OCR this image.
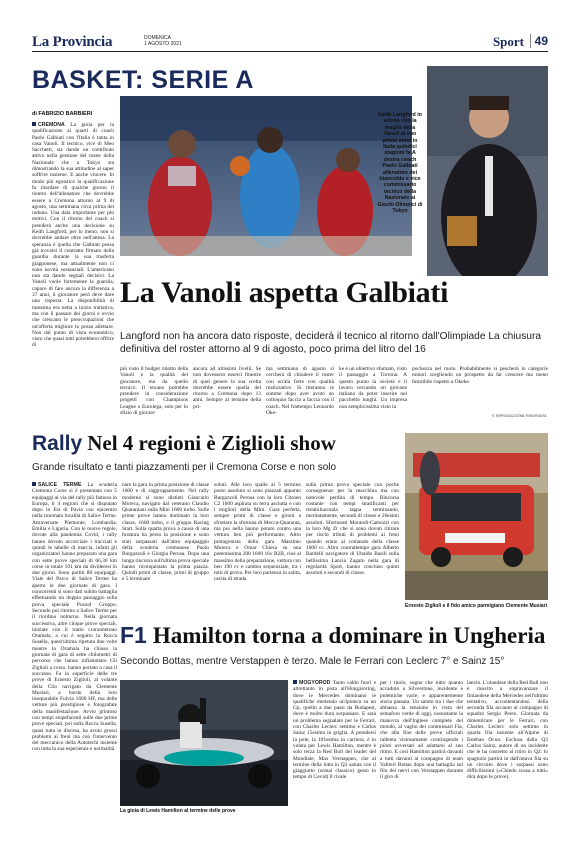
La Provincia	DOMENICA
1 AGOSTO 2021	Sport 49
BASKET: SERIE A
di FABRIZIO BARBIERI
CREMONA La gioia per la qualificazione ai quarti di coach Paolo Galbiati con l'Italia è tanta in casa Vanoli. Il tecnico, vice di Meo Sacchetti, sta dando un contributo attivo nella gestione del roster della Nazionale che a Tokyo sta dimostrando la sua attitudine al saper soffrire insieme. E anche vincere. In modo più egoistico la qualificazione fa ritardare di qualche giorno il rientro dell'allenatore che dovrebbe essere a Cremona attorno al 9 di agosto, una settimana circa prima del raduno. Una data importante per più motivi. Con il ritorno del coach si prenderà anche una decisione su Keith Langford, per lo meno, non si dovrebbe andare oltre nell'attesa. La speranza è quella che Galbiati possa già trovarsi il contratto firmato della guardia durante la sua trasferta giapponese, ma attualmente non ci sono novità sostanziali. L'americano non sta dando segnali decisivi. La Vanoli vuole fortemente la guardia, capace di fare ancora la differenza a 37 anni, il giocatore però deve dare una risposta. La disponibilità di massima era netta a inizio trattativa, ma con il passare dei giorni e ovvio che crescano le preoccupazioni che un'offerta migliore lo possa allettare. Non dal punto di vista economico, visto che quasi tutti potrebbero offrire di
Keith Langford in azione con la maglia della Vanoli al suo primo anno in Italia quindici stagioni fa A destra coach Paolo Galbiati allenatore dei biancoblu e vice commissario tecnico della Nazionale ai Giochi Olimpici di Tokyo
La Vanoli aspetta Galbiati
Langford non ha ancora dato risposte, deciderà il tecnico al ritorno dall'Olimpiade La chiusura definitiva del roster attorno al 9 di agosto, poco prima del litro del 16
più visto il budget ridotto della Vanoli e la qualità del giocatore, ma da quello tecnico. Il texano potrebbe prendere in considerazione progetti con Champions League o Eurolega, solo per lo sfizio di giocare
ancora ad altissimi livelli. Se non dovessero esserci finestre di quel genere la sua scelta dovrebbe essere quella del ritorno a Cremona dopo 13 anni. Sempre al termine della pri-
ma settimana di agosto si cercherà di chiudere il roster con un'ala forte con qualità realizzative. Si tireranno le somme dopo aver avuto un colloquio faccia a faccia con il coach. Nel frattempo Leonardo Oke-
ke è un obiettivo sfumato, visto il passaggio a Torrona. A questo punto la società e il lavoro cercando un giovane italiano da poter inserire nel pacchetto lunghi. Un impresa non semplicissima visto la
pochezza nel ruolo. Probabilmente si pescherà in categorie minori scegliendo un prospetto da far crescere ma meno futuribile rispetto a Okeke.
© RIPRODUZIONE RISERVATA
Rally Nel 4 regioni è Ziglioli show
Grande risultato e tanti piazzamenti per il Cremona Corse e non solo
SALICE TERME La scuderia Cremona Corse si è presentata con 5 equipaggi al via del rally più famoso in Europa, il 4 regioni che si disputato dopo in Est di Pavia con epicentro nella rinomata località di Salice Terme. Attraversate Piemonte, Lombardia, Emilia e Liguria. Con le nuove regole, dovute alla pandemia Covid, i rally hanno dovuto accorciare i tracciati e quindi le tabelle di marcia, infatti gli organizzatori hanno preparato una gara con sette prove speciali di 66,36 km corse in totale 101 km da divideresi in due giorni. Sono partiti 80 equipaggi. Viale del Parco di Salice Terme ha aperto le due giornate di gara. I concorrenti si sono dati subito battaglia effettuando un doppio passaggio sulla prova speciale Pozzol Groppo. Secondo poi ritorno a Salice Terme per il riordino notturno. Nella giornata successiva, altre cinque prove speciali, iniziate con il tratto cronometrato Oramala, a cui è seguito la Rocca Susella, quest'ultima ripetuta due volte mentre la Oramala ha chiuso la giornata di gara di sette chilometri di percorso che hanno infiammato Gli Ziglioli a corso, hanno portato a casa il successo. Fa la superficie delle tre prove di Ernesto Ziglioli, al volante della Clio navigato da Clemente Musiari, a bordo della loro inseparabile Fulvia 1600 HF, ma delle vetture più prestigiose e fotografate della manifestazione. Avvio grintoso con tempi stupefacenti sulle due prime prove speciali, poi sulla Rocca Susella, quasi tutta in discesa, ha avuto grossi problemi ai freni ma con l'intervento del meccanico della Autotechi insieme con tutta la sua esperienza e normalità
nare la gara in prima posizione di classe 1600 e di raggruppamento. Nel rally moderno si sono distinti Giancarlo Moreca, navigato dal veterano Claudio Quaraniani sulla Mini 1600 turbo. Sulle prime prove hanno dominato la loro classe, 1600 turbo, e il gruppo Racing Start. Sulla quarta prova a causa di una foratura ha perso la posizione e sono stati sorpassati dall'altro equipaggio della scuderia cremonese Paolo Burgazzoli e Giorgia Perosa. Dopo una lunga rincorsa sull'ultima prova speciale hanno riconquistato la prima piazza. Quindi primi di classe, primi di gruppo e 5 terminare
soluti. Alle loro spalle al 5 termino posto assoluto si sono piazzati appunto Burgazzoli Perosa con la loro Citroen C2 1600 aspirata su terra asciutta e con i migliori della Mini. Gara perfetta, sempre primi di classe e gironi a sfruttare la sfortuna di Mecca-Quaranta, ma poi nella hanno potuto contro una vettura ben più performante. Altro protagonista della gara Massimo Moreca e Omar Chiesa su una potentissima 208 1600 16v R2B, cioè al massimo della preparazione, vettura con ben 190 cv e cambio sequenziale, tra i tutti di prova. Per loro partenza in salita, uscita di strada
sulla prima prova speciale con poche conseguenze per la macchina ma con notevole perdita di tempo. Rincorsa costante con tempi stratificanti per ristabiliaconda tappa terminando, meritatamente, secondi di classe e 26esimi assoluti. Sfortunati Morandi-Camozzi con la loro Mg Zr che si sono dovuti ritirare per rischi tributi di problemi ai freni quando erano al comando della classe 1600 cc. Altro contrattempo gara Alberto Bardelli navigatore di Ubaldo Basili sulla bellissima Lancia Zagato nella gara di regolarità Sport, hanno concluso quinti assoluti e secondi di classe.
Ernesto Ziglioli e il fido amico parmigiano Clemente Musiari
F1 Hamilton torna a dominare in Ungheria
Secondo Bottas, mentre Verstappen è terzo. Male le Ferrari con Leclerc 7° e Sainz 15°
La gioia di Lewis Hamilton al termine delle prove
MOGYOROD Tanto caldo fuori e altrettanto in pista all'Hungaroring, dove le Mercedes dominano le qualifiche mettendo un'ipoteca su un Gp, quello a due passi da Budapest, dove è molto dura sorpassare. E sarà un problema segnalato per le Ferrari, con Charles Leclerc settimo e Carlos Sainz 15esimo in griglia. A prendersi la pole, la 101esima in carriera, è in volata per Lewis Hamilton, mentre è solo terza la Red Bull del leader del Mondiale, Max Verstappen, che al termine della lotta in Q3 saluta con il giaggiotto (ormai classico) gesto in tempo di Covid) il rivale
per i titolo, sogno che tutto quanto accaduto a Silverstone, incidente e polemiche varie, e apparentemente storia passata. Un saluto tra i due che abbassa la tensione in vista del semaforo verde di oggi, nonostante la manovra dell'Inglese complete del mondo, al vaglio dei commissari Fia, che alla fine delle prove ufficiali rallenta vistosamente costringendo i piloti avversari ad adattarsi al suo ritmo. E così Hamilton partirà davanti a tutti davanti al compagno di team Valtteri Bottas dopo una battaglia sul filo dei nervi con Verstappen durante il giro di
lancio. L'olandese della Red Bull non è riuscito a sopravanzare il finlandese della Mercedes nell'ultimo tentativo, accontentandosi della seconda fila accanto al compagno di squadra Sergio Perez. Giornata da dimenticare per le Ferrari, con Charles Leclerc solo settimo in quarta fila insieme all'Alpine di Esteban Ocon. Esclusa dalla Q3 Carlos Sainz, autore di un incidente che le ha costretto al ritiro in Q2: lo spagnolo partirà in dall'ottava fila su un circuito dove i sorpassi sono difficilissimi («Chiedo scusa a tutti» dirà dopo le prove).
